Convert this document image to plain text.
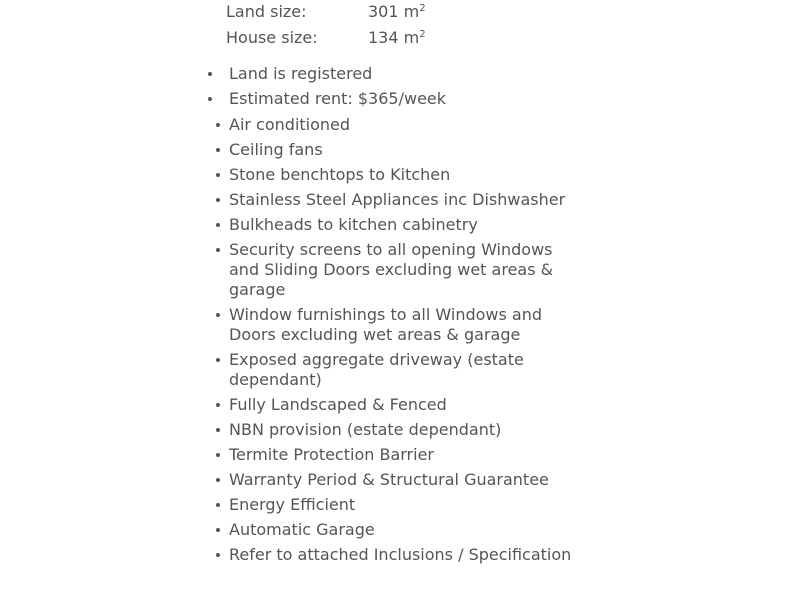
Land size:	301 $m^2$
House size:	134 $m^2$
Land is registered
Estimated rent: $365/week
Air conditioned
Ceiling fans
Stone benchtops to Kitchen
Stainless Steel Appliances inc Dishwasher
Bulkheads to kitchen cabinetry
Security screens to all opening Windows and Sliding Doors excluding wet areas & garage
Window furnishings to all Windows and Doors excluding wet areas & garage
Exposed aggregate driveway (estate dependant)
Fully Landscaped & Fenced
NBN provision (estate dependant)
Termite Protection Barrier
Warranty Period & Structural Guarantee
Energy Efficient
Automatic Garage
Refer to attached Inclusions / Specification
